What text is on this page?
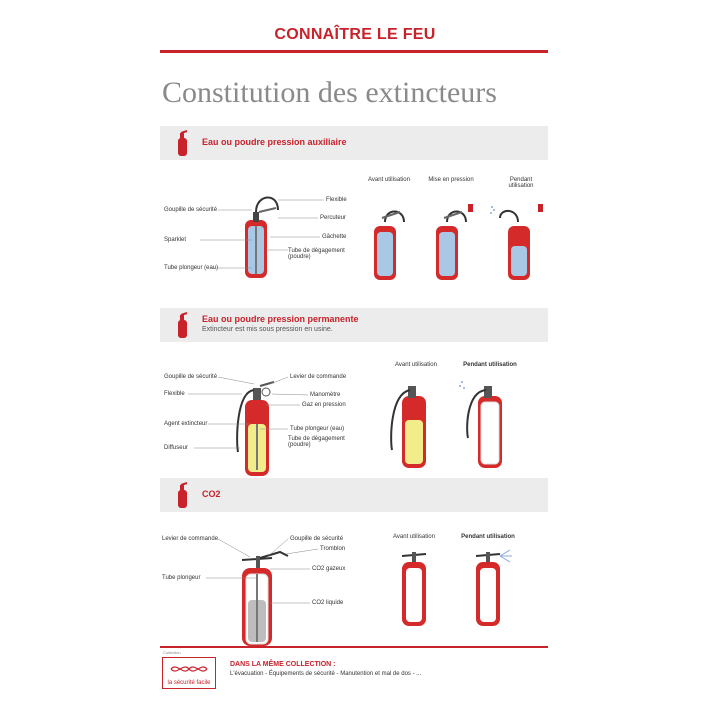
CONNAÎTRE LE FEU
Constitution des extincteurs
Eau ou poudre pression auxiliaire
Goupille de sécurité
Sparklet
Tube plongeur (eau)
Flexible
Percuteur
Gâchette
Tube de dégagement (poudre)
Avant utilisation	Mise en pression	Pendant utilisation
Eau ou poudre pression permanente
Extincteur est mis sous pression en usine.
Goupille de sécurité
Flexible
Agent extincteur
Diffuseur
Levier de commande
Manomètre
Gaz en pression
Tube plongeur (eau)
Tube de dégagement (poudre)
Avant utilisation	Pendant utilisation
CO2
Levier de commande
Tube plongeur
Goupille de sécurité
Tromblon
CO2 gazeux
CO2 liquide
Avant utilisation	Pendant utilisation
Collection
la sécurité facile
DANS LA MÊME COLLECTION :
L'évacuation - Équipements de sécurité - Manutention et mal de dos - ...
